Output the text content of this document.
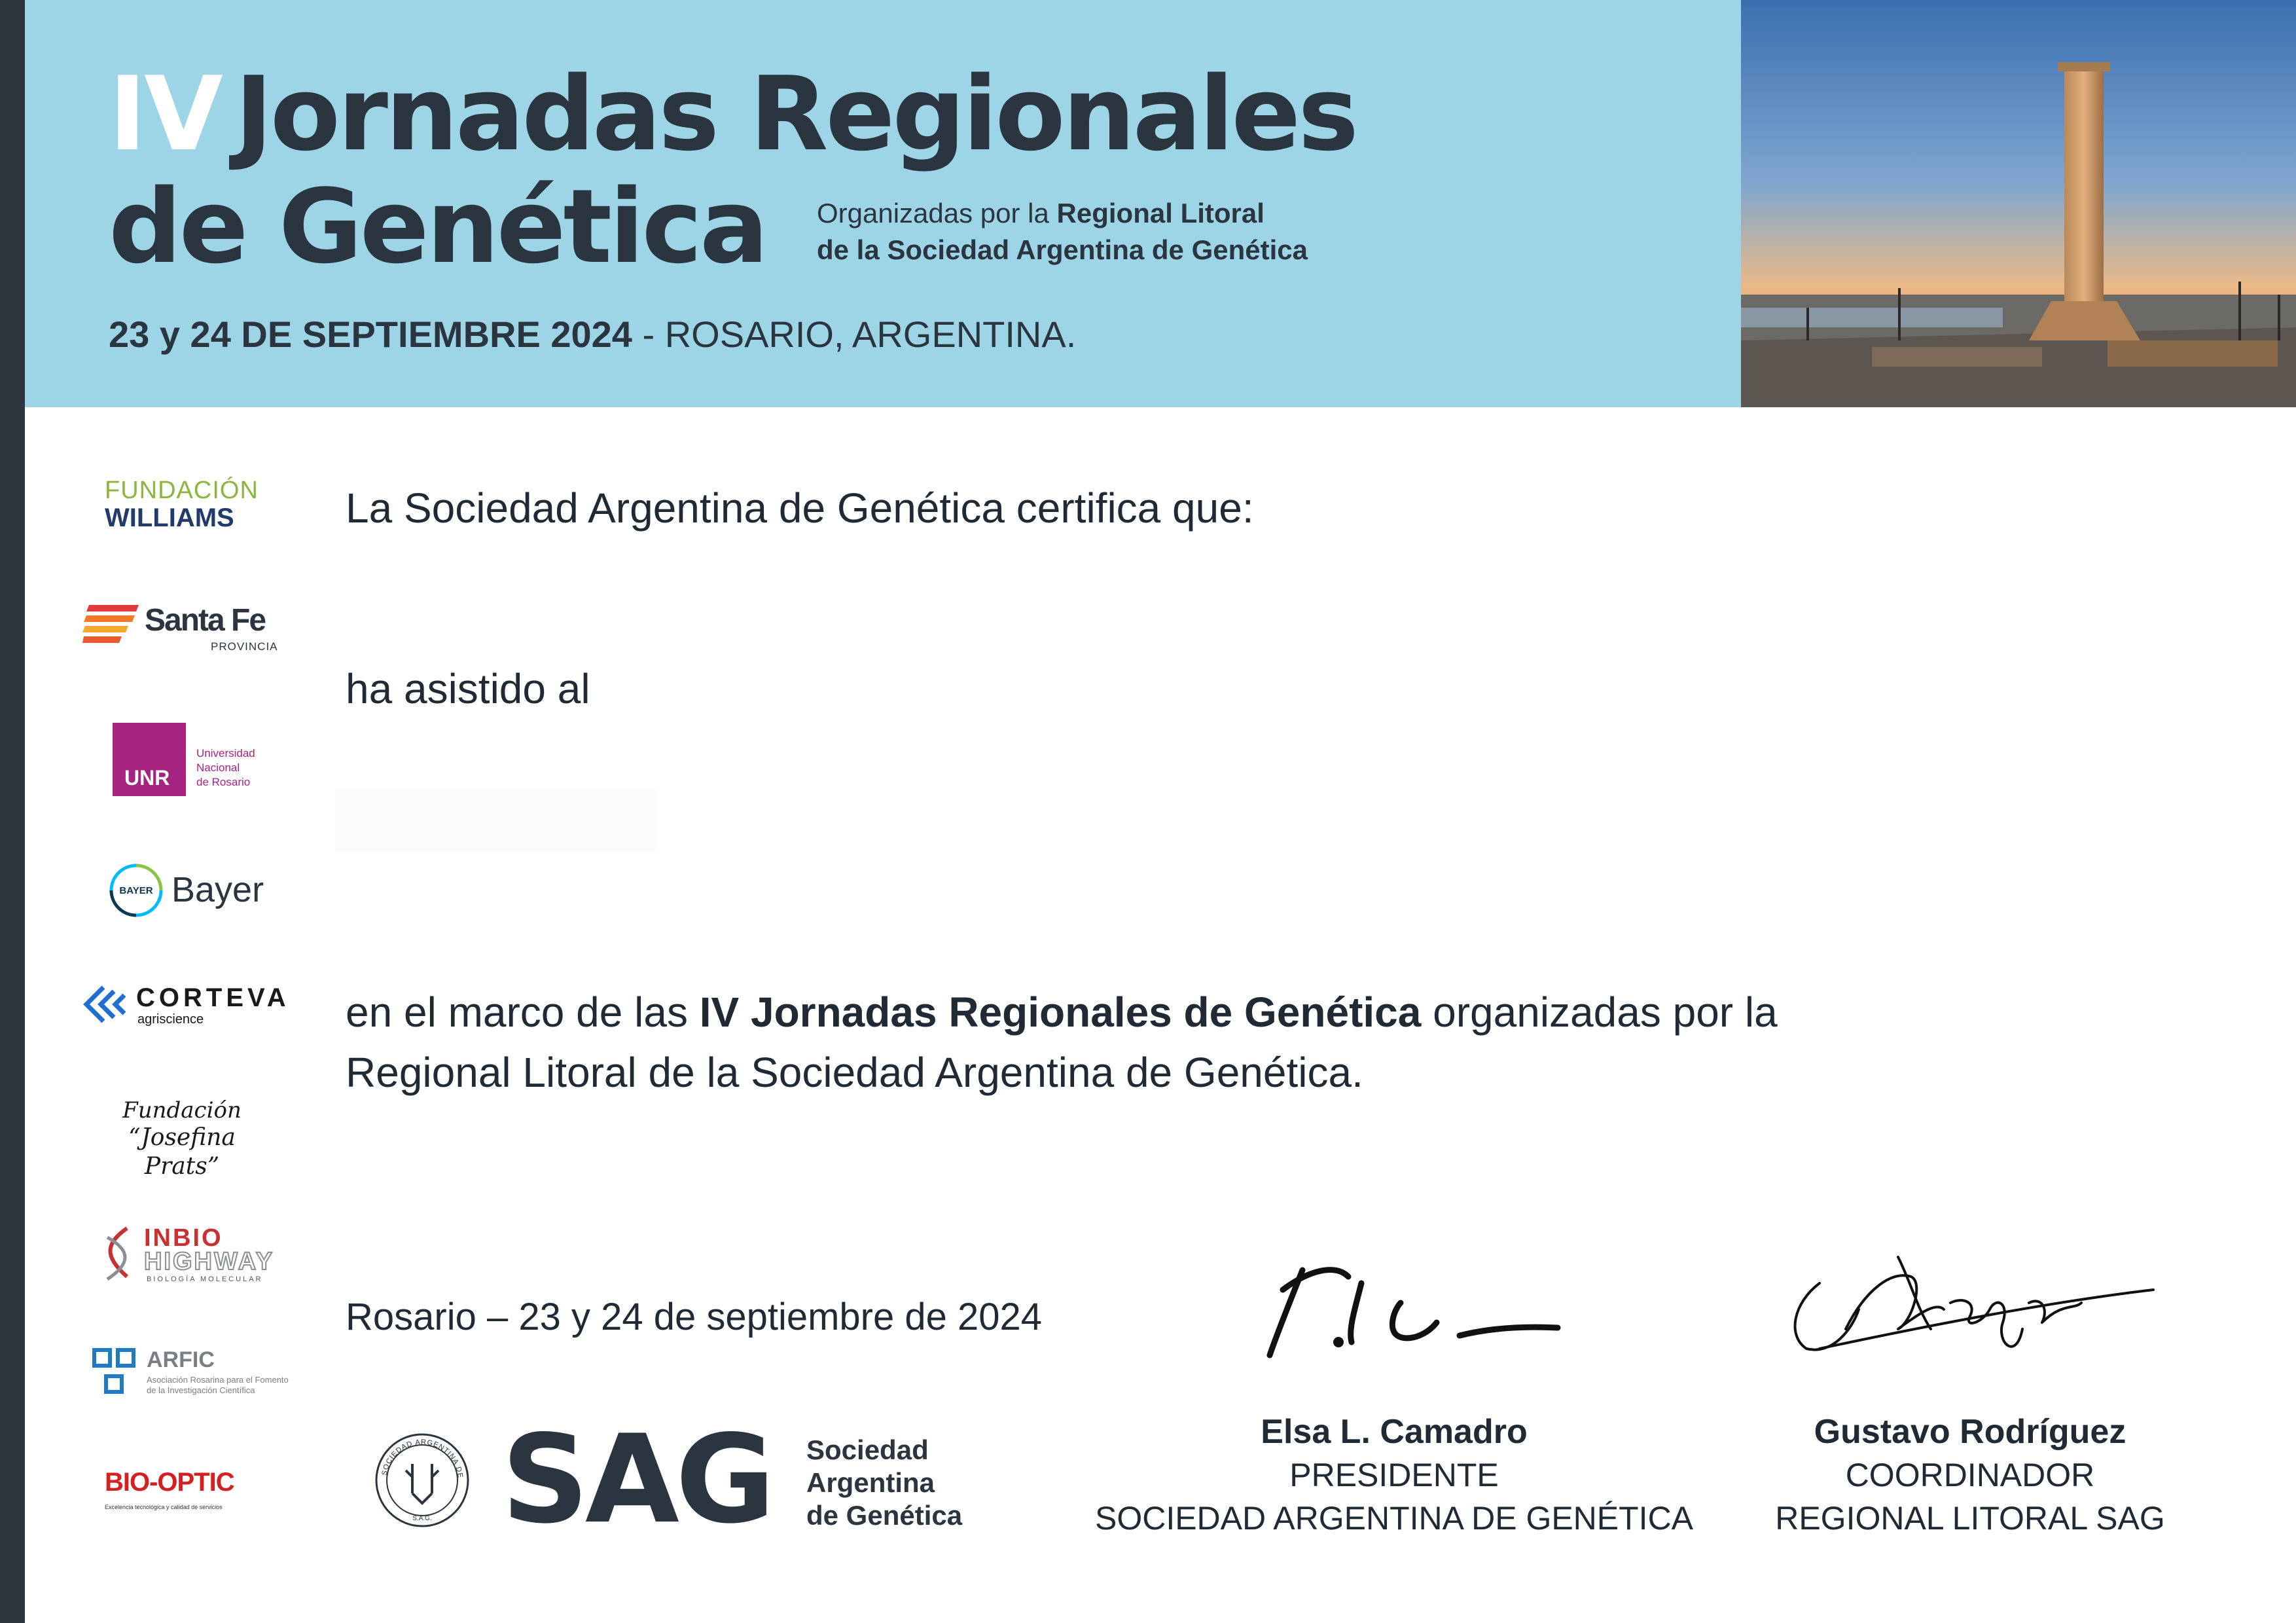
IV Jornadas Regionales
de Genética	Organizadas por la Regional Litoral
de la Sociedad Argentina de Genética
23 y 24 DE SEPTIEMBRE 2024 - ROSARIO, ARGENTINA.
FUNDACIÓN
WILLIAMS
Santa Fe
PROVINCIA
UNR
Universidad
Nacional
de Rosario
BAYER Bayer
CORTEVA
agriscience
Fundación
“Josefina Prats”
INBIO
HIGHWAY
BIOLOGÍA MOLECULAR
ARFIC
Asociación Rosarina para el Fomento
de la Investigación Científica
BIO-OPTIC
Excelencia tecnológica y calidad de servicios
La Sociedad Argentina de Genética certifica que:
ha asistido al
en el marco de las IV Jornadas Regionales de Genética organizadas por la
Regional Litoral de la Sociedad Argentina de Genética.
Rosario – 23 y 24 de septiembre de 2024
SOCIEDAD ARGENTINA DE
S.A.G. SAG Sociedad
Argentina
de Genética
Elsa L. Camadro
PRESIDENTE
SOCIEDAD ARGENTINA DE GENÉTICA
Gustavo Rodríguez
COORDINADOR
REGIONAL LITORAL SAG
